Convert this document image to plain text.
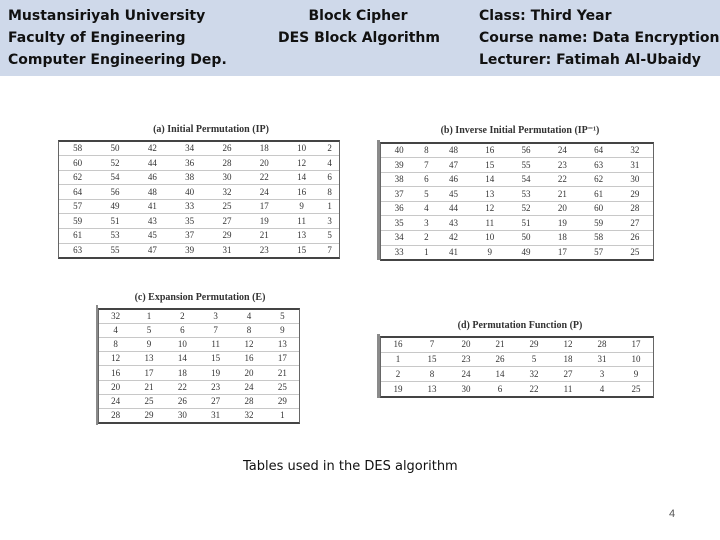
Mustansiriyah University
Faculty of Engineering
Computer Engineering Dep.
Block Cipher
DES Block Algorithm
Class: Third Year
Course name: Data Encryption
Lecturer: Fatimah Al-Ubaidy
(a) Initial Permutation (IP)
58	50	42	34	26	18	10	2
60	52	44	36	28	20	12	4
62	54	46	38	30	22	14	6
64	56	48	40	32	24	16	8
57	49	41	33	25	17	9	1
59	51	43	35	27	19	11	3
61	53	45	37	29	21	13	5
63	55	47	39	31	23	15	7
(b) Inverse Initial Permutation (IP⁻¹)
40	8	48	16	56	24	64	32
39	7	47	15	55	23	63	31
38	6	46	14	54	22	62	30
37	5	45	13	53	21	61	29
36	4	44	12	52	20	60	28
35	3	43	11	51	19	59	27
34	2	42	10	50	18	58	26
33	1	41	9	49	17	57	25
(c) Expansion Permutation (E)
32	1	2	3	4	5
4	5	6	7	8	9
8	9	10	11	12	13
12	13	14	15	16	17
16	17	18	19	20	21
20	21	22	23	24	25
24	25	26	27	28	29
28	29	30	31	32	1
(d) Permutation Function (P)
16	7	20	21	29	12	28	17
1	15	23	26	5	18	31	10
2	8	24	14	32	27	3	9
19	13	30	6	22	11	4	25
Tables used in the DES algorithm
4
